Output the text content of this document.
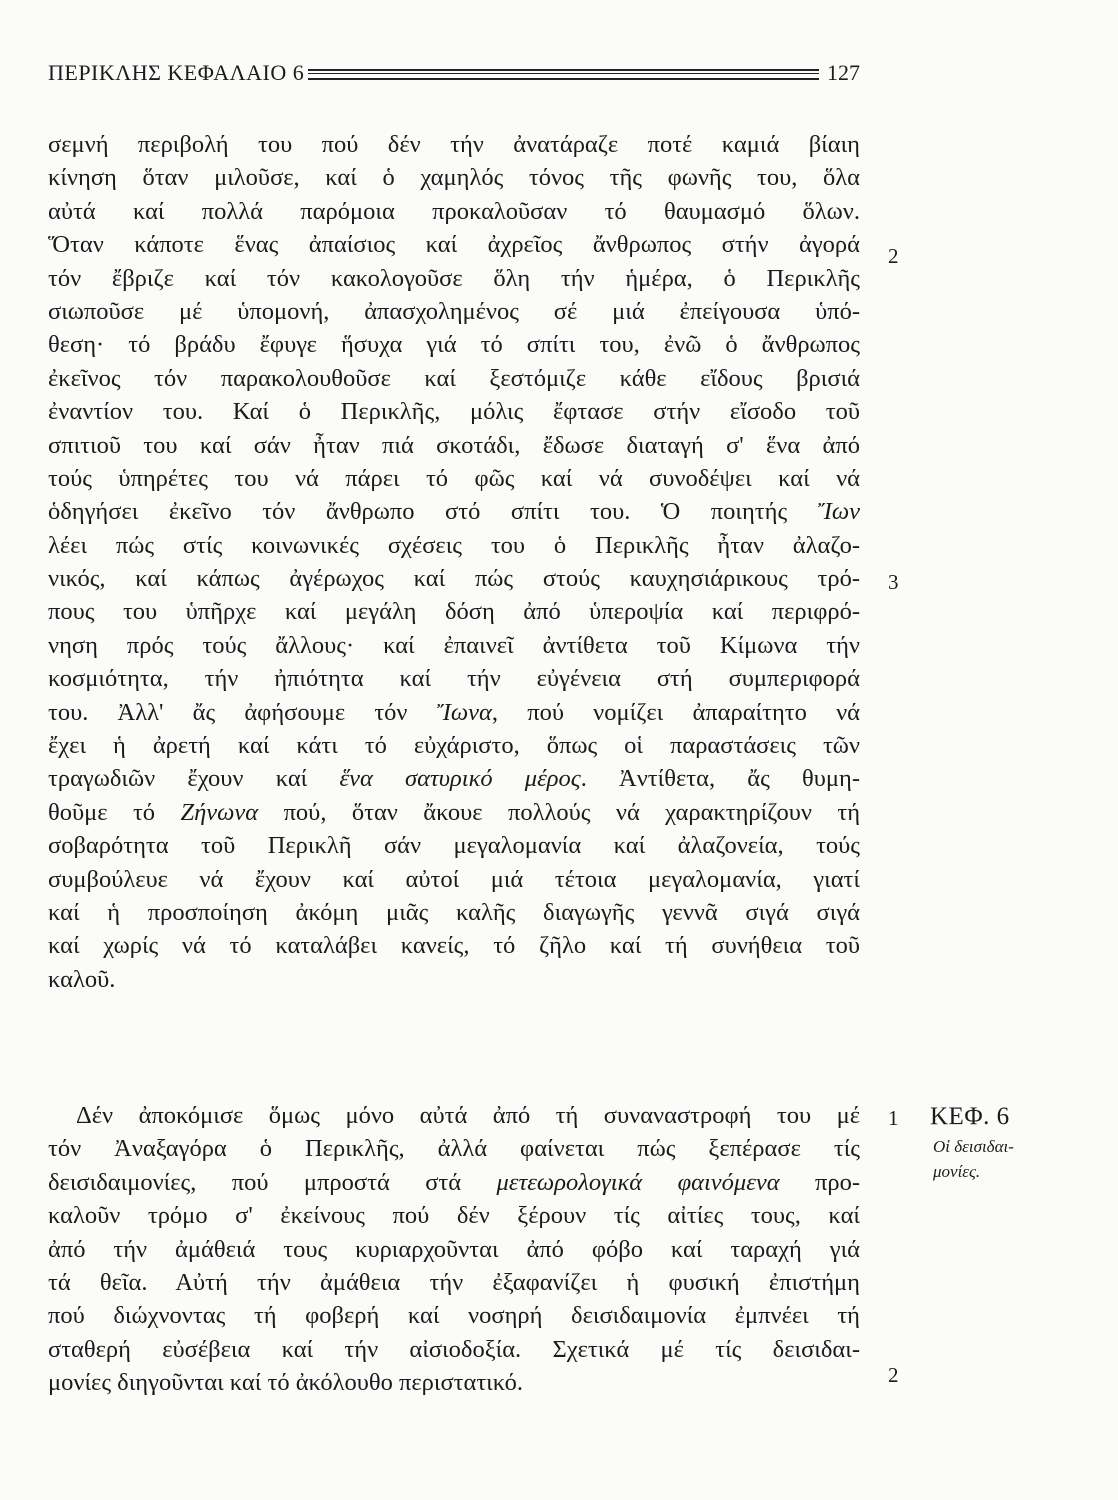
ΠΕΡΙΚΛΗΣ ΚΕΦΑΛΑΙΟ 6	127
σεμνή περιβολή του πού δέν τήν ἀνατάραζε ποτέ καμιά βίαιη
κίνηση ὅταν μιλοῦσε, καί ὁ χαμηλός τόνος τῆς φωνῆς του, ὅλα
αὐτά καί πολλά παρόμοια προκαλοῦσαν τό θαυμασμό ὅλων.
Ὅταν κάποτε ἕνας ἀπαίσιος καί ἀχρεῖος ἄνθρωπος στήν ἀγορά
τόν ἔβριζε καί τόν κακολογοῦσε ὅλη τήν ἡμέρα, ὁ Περικλῆς
σιωποῦσε μέ ὑπομονή, ἀπασχολημένος σέ μιά ἐπείγουσα ὑπό-
θεση· τό βράδυ ἔφυγε ἥσυχα γιά τό σπίτι του, ἐνῶ ὁ ἄνθρωπος
ἐκεῖνος τόν παρακολουθοῦσε καί ξεστόμιζε κάθε εἴδους βρισιά
ἐναντίον του. Καί ὁ Περικλῆς, μόλις ἔφτασε στήν εἴσοδο τοῦ
σπιτιοῦ του καί σάν ἦταν πιά σκοτάδι, ἔδωσε διαταγή σ' ἕνα ἀπό
τούς ὑπηρέτες του νά πάρει τό φῶς καί νά συνοδέψει καί νά
ὁδηγήσει ἐκεῖνο τόν ἄνθρωπο στό σπίτι του. Ὁ ποιητής Ἴων
λέει πώς στίς κοινωνικές σχέσεις του ὁ Περικλῆς ἦταν ἀλαζο-
νικός, καί κάπως ἀγέρωχος καί πώς στούς καυχησιάρικους τρό-
πους του ὑπῆρχε καί μεγάλη δόση ἀπό ὑπεροψία καί περιφρό-
νηση πρός τούς ἄλλους· καί ἐπαινεῖ ἀντίθετα τοῦ Κίμωνα τήν
κοσμιότητα, τήν ἠπιότητα καί τήν εὐγένεια στή συμπεριφορά
του. Ἀλλ' ἄς ἀφήσουμε τόν Ἴωνα, πού νομίζει ἀπαραίτητο νά
ἔχει ἡ ἀρετή καί κάτι τό εὐχάριστο, ὅπως οἱ παραστάσεις τῶν
τραγωδιῶν ἔχουν καί ἕνα σατυρικό μέρος. Ἀντίθετα, ἄς θυμη-
θοῦμε τό Ζήνωνα πού, ὅταν ἄκουε πολλούς νά χαρακτηρίζουν τή
σοβαρότητα τοῦ Περικλῆ σάν μεγαλομανία καί ἀλαζονεία, τούς
συμβούλευε νά ἔχουν καί αὐτοί μιά τέτοια μεγαλομανία, γιατί
καί ἡ προσποίηση ἀκόμη μιᾶς καλῆς διαγωγῆς γεννᾶ σιγά σιγά
καί χωρίς νά τό καταλάβει κανείς, τό ζῆλο καί τή συνήθεια τοῦ
καλοῦ.
Δέν ἀποκόμισε ὅμως μόνο αὐτά ἀπό τή συναναστροφή του μέ
τόν Ἀναξαγόρα ὁ Περικλῆς, ἀλλά φαίνεται πώς ξεπέρασε τίς
δεισιδαιμονίες, πού μπροστά στά μετεωρολογικά φαινόμενα προ-
καλοῦν τρόμο σ' ἐκείνους πού δέν ξέρουν τίς αἰτίες τους, καί
ἀπό τήν ἀμάθειά τους κυριαρχοῦνται ἀπό φόβο καί ταραχή γιά
τά θεῖα. Αὐτή τήν ἀμάθεια τήν ἐξαφανίζει ἡ φυσική ἐπιστήμη
πού διώχνοντας τή φοβερή καί νοσηρή δεισιδαιμονία ἐμπνέει τή
σταθερή εὐσέβεια καί τήν αἰσιοδοξία. Σχετικά μέ τίς δεισιδαι-
μονίες διηγοῦνται καί τό ἀκόλουθο περιστατικό.
2
3
1
2
ΚΕΦ. 6
Οἱ δεισιδαι-
μονίες.
